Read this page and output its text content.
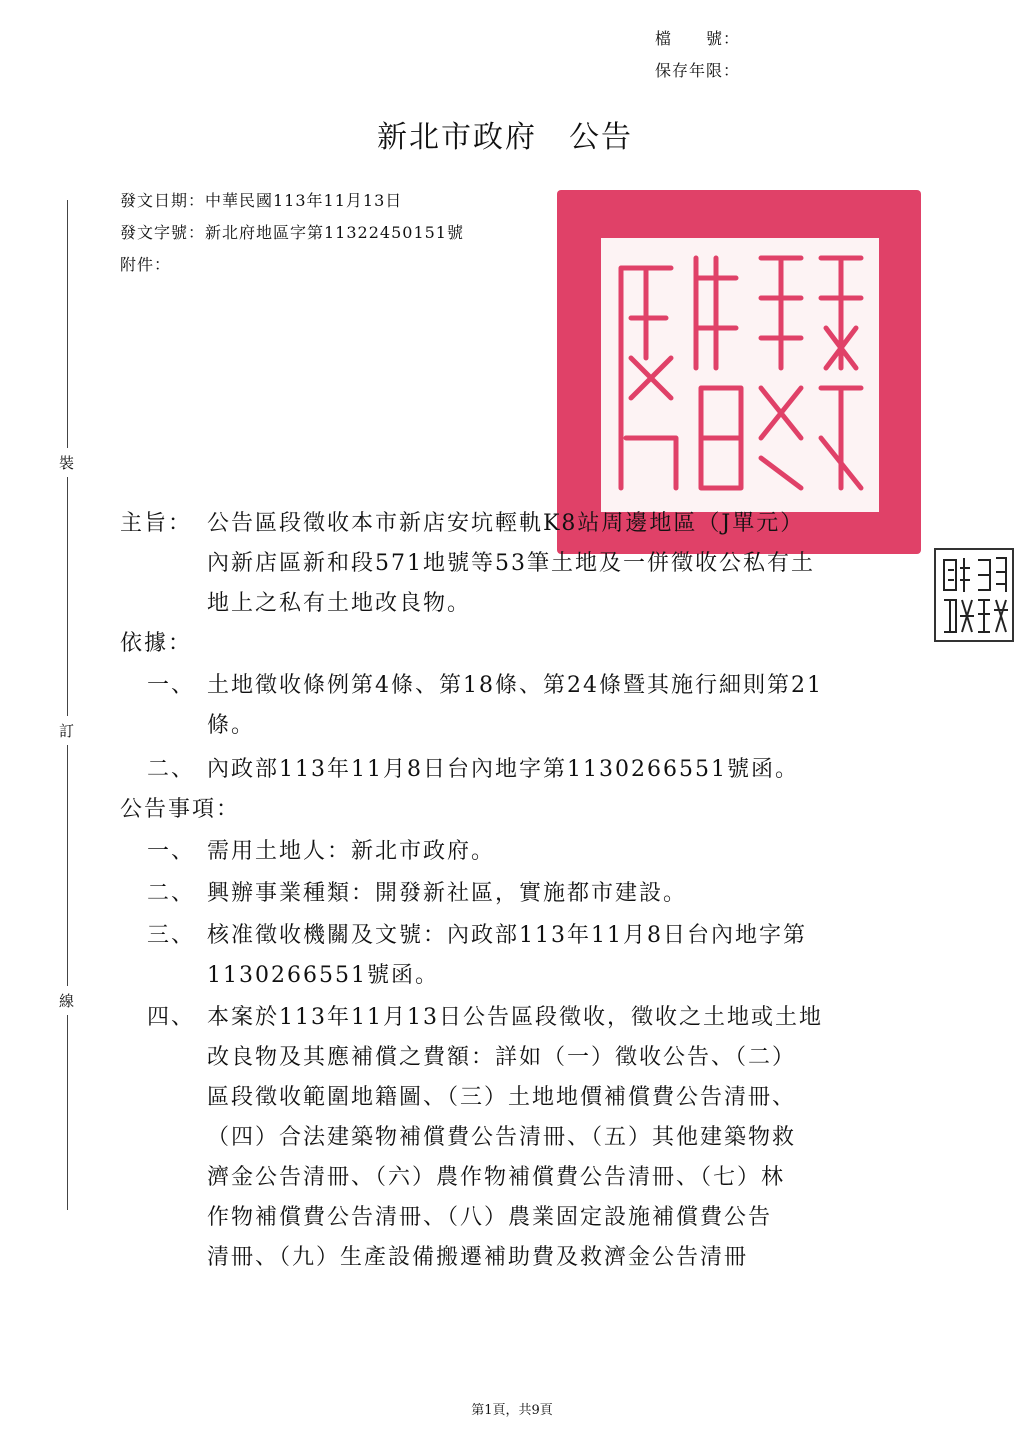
檔　　號：
保存年限：
新北市政府　公告
發文日期：中華民國113年11月13日
發文字號：新北府地區字第11322450151號
附件：
裝
訂
線
主旨： 公告區段徵收本市新店安坑輕軌K8站周邊地區（J單元）
內新店區新和段571地號等53筆土地及一併徵收公私有土
地上之私有土地改良物。
依據：
一、 土地徵收條例第4條、第18條、第24條暨其施行細則第21
條。
二、 內政部113年11月8日台內地字第1130266551號函。
公告事項：
一、 需用土地人：新北市政府。
二、 興辦事業種類：開發新社區，實施都市建設。
三、 核准徵收機關及文號：內政部113年11月8日台內地字第
1130266551號函。
四、 本案於113年11月13日公告區段徵收，徵收之土地或土地
改良物及其應補償之費額：詳如（一）徵收公告、（二）
區段徵收範圍地籍圖、（三）土地地價補償費公告清冊、
（四）合法建築物補償費公告清冊、（五）其他建築物救
濟金公告清冊、（六）農作物補償費公告清冊、（七）林
作物補償費公告清冊、（八）農業固定設施補償費公告
清冊、（九）生產設備搬遷補助費及救濟金公告清冊
第1頁，共9頁
